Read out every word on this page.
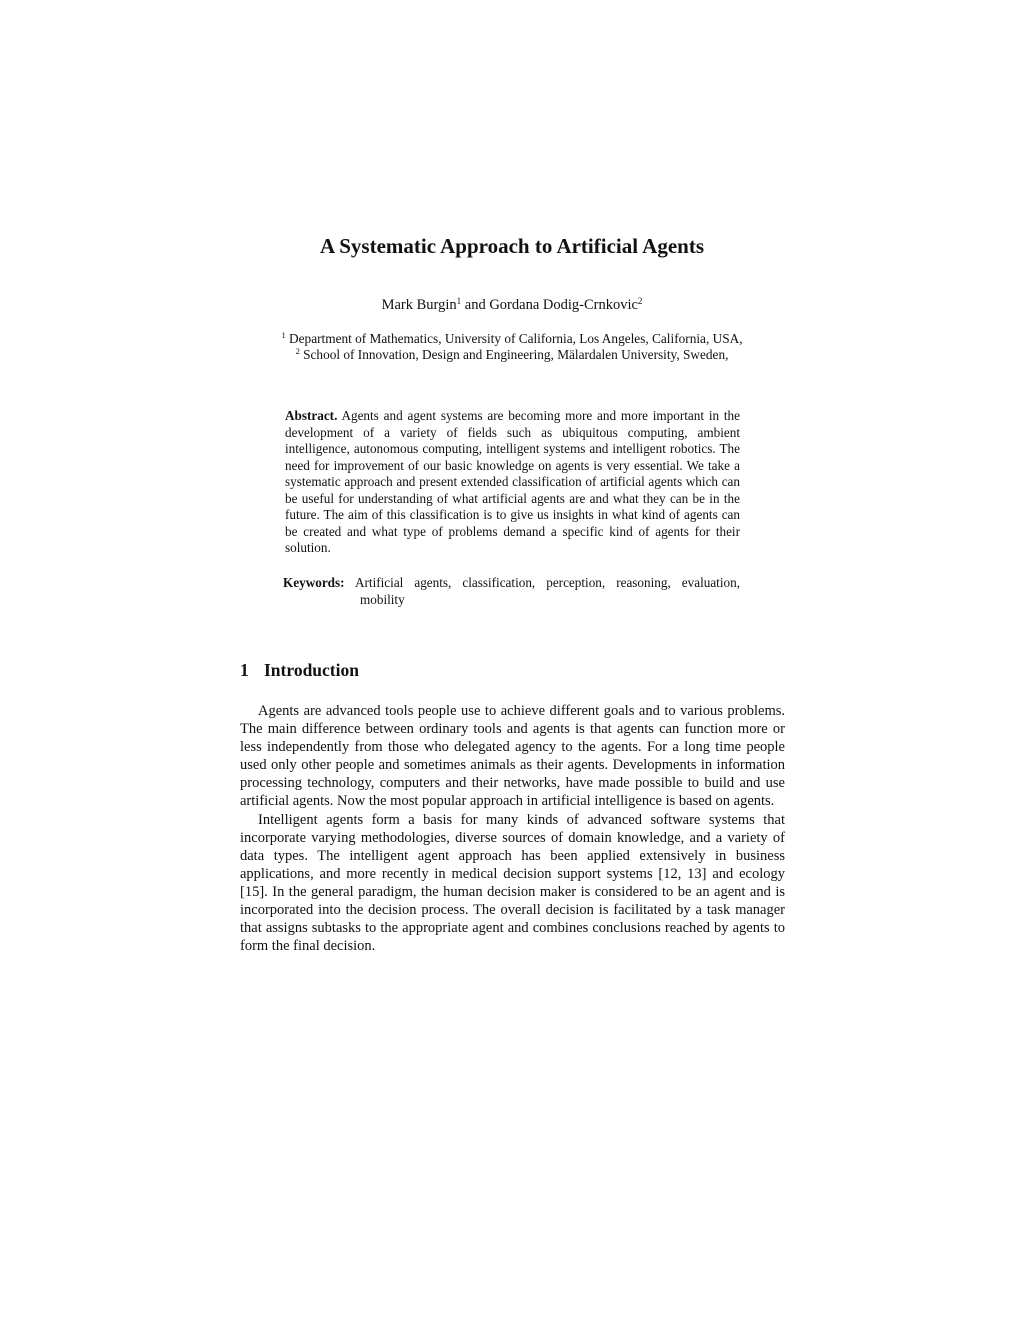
A Systematic Approach to Artificial Agents
Mark Burgin$^1$ and Gordana Dodig-Crnkovic$^2$
$^1$ Department of Mathematics, University of California, Los Angeles, California, USA,
$^2$ School of Innovation, Design and Engineering, Mälardalen University, Sweden,

Abstract. Agents and agent systems are becoming more and more important in the development of a variety of fields such as ubiquitous computing, ambient intelligence, autonomous computing, intelligent systems and intelligent robotics. The need for improvement of our basic knowledge on agents is very essential. We take a systematic approach and present extended classification of artificial agents which can be useful for understanding of what artificial agents are and what they can be in the future. The aim of this classification is to give us insights in what kind of agents can be created and what type of problems demand a specific kind of agents for their solution.

Keywords: Artificial agents, classification, perception, reasoning, evaluation,
mobility
1 Introduction

Agents are advanced tools people use to achieve different goals and to various problems. The main difference between ordinary tools and agents is that agents can function more or less independently from those who delegated agency to the agents. For a long time people used only other people and sometimes animals as their agents. Developments in information processing technology, computers and their networks, have made possible to build and use artificial agents. Now the most popular approach in artificial intelligence is based on agents.

Intelligent agents form a basis for many kinds of advanced software systems that incorporate varying methodologies, diverse sources of domain knowledge, and a variety of data types. The intelligent agent approach has been applied extensively in business applications, and more recently in medical decision support systems [12, 13] and ecology [15]. In the general paradigm, the human decision maker is considered to be an agent and is incorporated into the decision process. The overall decision is facilitated by a task manager that assigns subtasks to the appropriate agent and combines conclusions reached by agents to form the final decision.
